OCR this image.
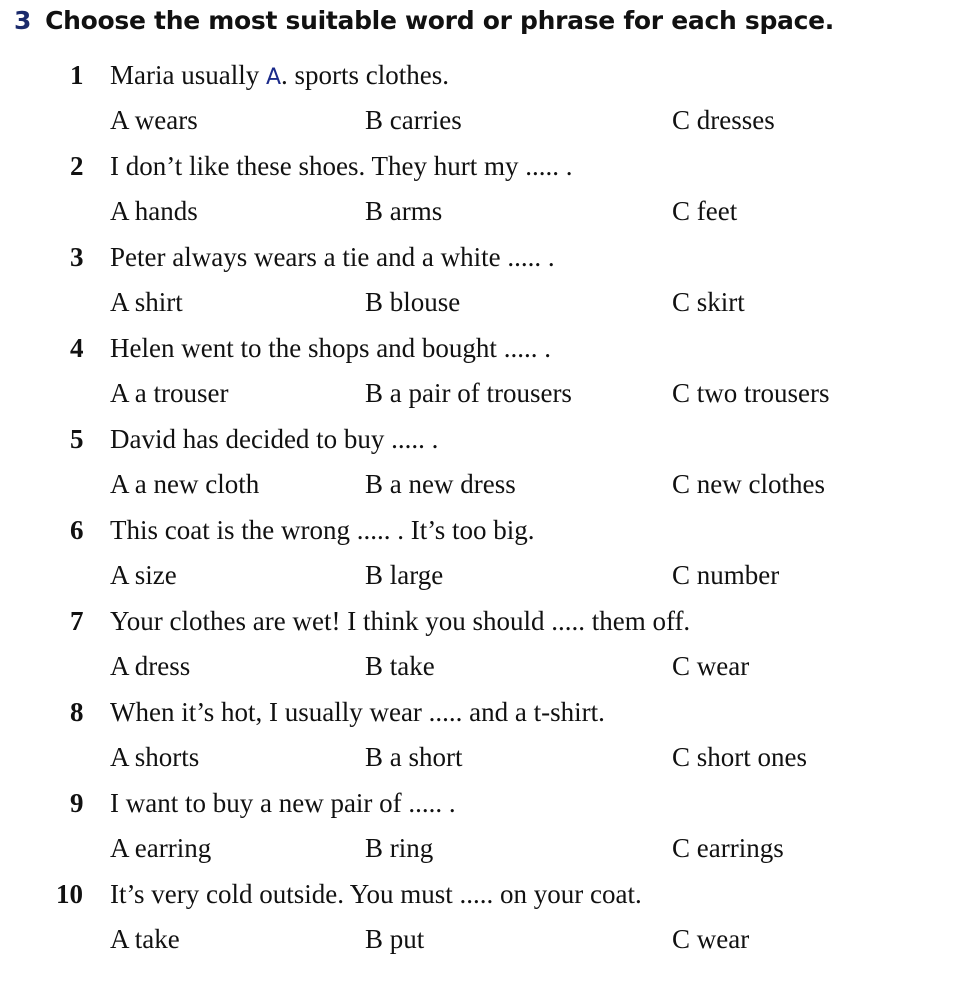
3 Choose the most suitable word or phrase for each space.
1 Maria usually A. sports clothes.
A wears	B carries	C dresses
2 I don’t like these shoes. They hurt my ..... .
A hands	B arms	C feet
3 Peter always wears a tie and a white ..... .
A shirt	B blouse	C skirt
4 Helen went to the shops and bought ..... .
A a trouser	B a pair of trousers	C two trousers
5 David has decided to buy ..... .
A a new cloth	B a new dress	C new clothes
6 This coat is the wrong ..... . It’s too big.
A size	B large	C number
7 Your clothes are wet! I think you should ..... them off.
A dress	B take	C wear
8 When it’s hot, I usually wear ..... and a t-shirt.
A shorts	B a short	C short ones
9 I want to buy a new pair of ..... .
A earring	B ring	C earrings
10 It’s very cold outside. You must ..... on your coat.
A take	B put	C wear
